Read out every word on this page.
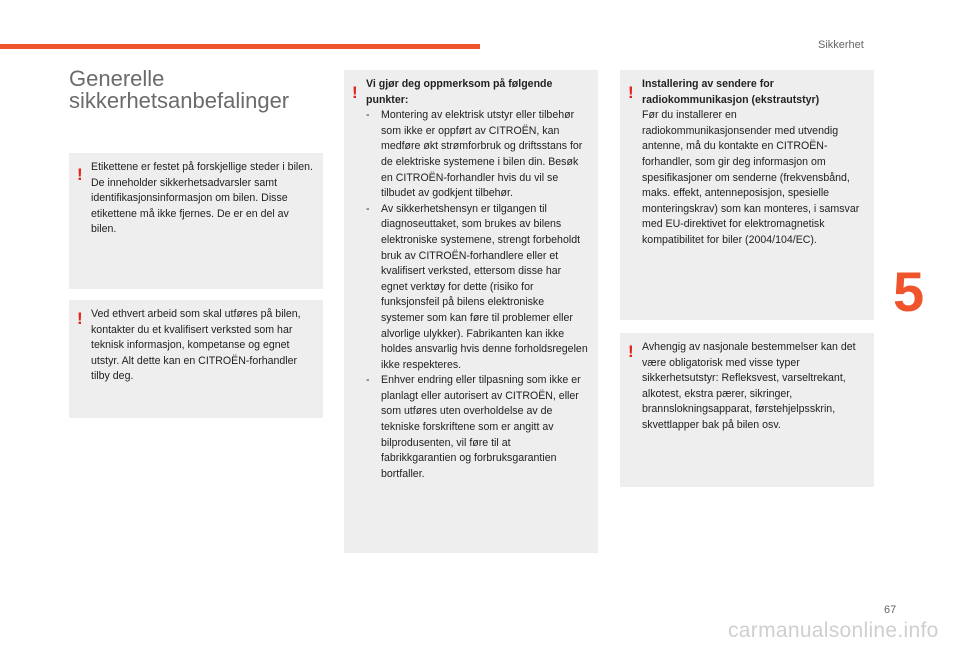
Sikkerhet
5
67
Generelle sikkerhetsanbefalinger
! Etikettene er festet på forskjellige steder i bilen. De inneholder sikkerhetsadvarsler samt identifikasjonsinformasjon om bilen. Disse etikettene må ikke fjernes. De er en del av bilen.

! Ved ethvert arbeid som skal utføres på bilen, kontakter du et kvalifisert verksted som har teknisk informasjon, kompetanse og egnet utstyr. Alt dette kan en CITROËN-forhandler tilby deg.

! Vi gjør deg oppmerksom på følgende punkter:

- Montering av elektrisk utstyr eller tilbehør som ikke er oppført av CITROËN, kan medføre økt strømforbruk og driftsstans for de elektriske systemene i bilen din. Besøk en CITROËN-forhandler hvis du vil se tilbudet av godkjent tilbehør.
- Av sikkerhetshensyn er tilgangen til diagnoseuttaket, som brukes av bilens elektroniske systemene, strengt forbeholdt bruk av CITROËN-forhandlere eller et kvalifisert verksted, ettersom disse har egnet verktøy for dette (risiko for funksjonsfeil på bilens elektroniske systemer som kan føre til problemer eller alvorlige ulykker). Fabrikanten kan ikke holdes ansvarlig hvis denne forholdsregelen ikke respekteres.
- Enhver endring eller tilpasning som ikke er planlagt eller autorisert av CITROËN, eller som utføres uten overholdelse av de tekniske forskriftene som er angitt av bilprodusenten, vil føre til at fabrikkgarantien og forbruksgarantien bortfaller.
! Installering av sendere for radiokommunikasjon (ekstrautstyr)

Før du installerer en radiokommunikasjonsender med utvendig antenne, må du kontakte en CITROËN-forhandler, som gir deg informasjon om spesifikasjoner om senderne (frekvensbånd, maks. effekt, antenneposisjon, spesielle monteringskrav) som kan monteres, i samsvar med EU-direktivet for elektromagnetisk kompatibilitet for biler (2004/104/EC).

! Avhengig av nasjonale bestemmelser kan det være obligatorisk med visse typer sikkerhetsutstyr: Refleksvest, varseltrekant, alkotest, ekstra pærer, sikringer, brannslokningsapparat, førstehjelpsskrin, skvettlapper bak på bilen osv.

carmanualsonline.info
